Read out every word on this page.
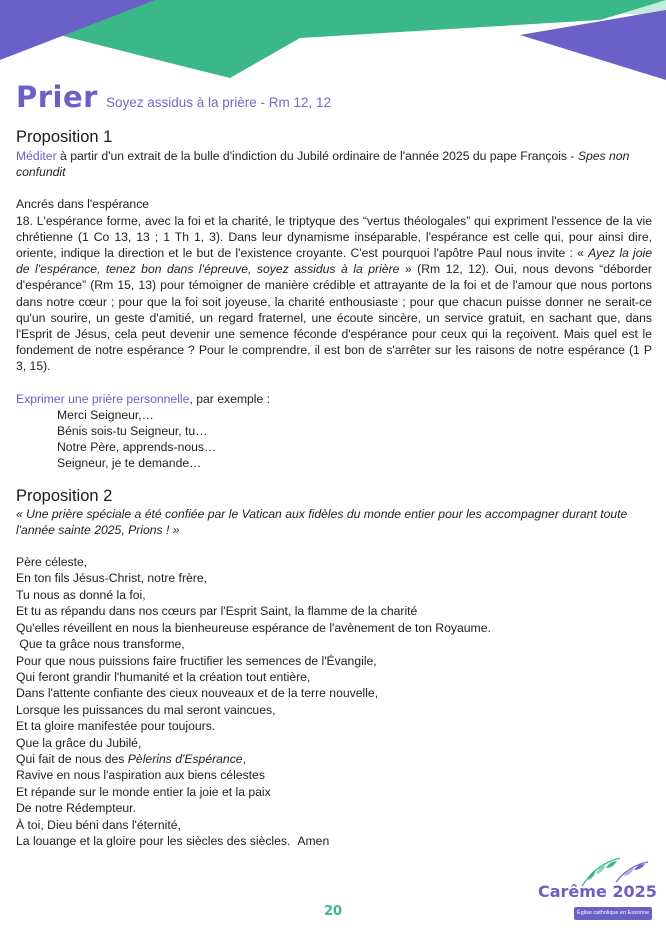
Prier Soyez assidus à la prière - Rm 12, 12
Proposition 1
Méditer à partir d'un extrait de la bulle d'indiction du Jubilé ordinaire de l'année 2025 du pape François - Spes non confundit
Ancrés dans l'espérance
18. L'espérance forme, avec la foi et la charité, le triptyque des “vertus théologales” qui expriment l'essence de la vie chrétienne (1 Co 13, 13 ; 1 Th 1, 3). Dans leur dynamisme inséparable, l'espérance est celle qui, pour ainsi dire, oriente, indique la direction et le but de l'existence croyante. C'est pourquoi l'apôtre Paul nous invite : « Ayez la joie de l'espérance, tenez bon dans l'épreuve, soyez assidus à la prière » (Rm 12, 12). Oui, nous devons “déborder d'espérance” (Rm 15, 13) pour témoigner de manière crédible et attrayante de la foi et de l'amour que nous portons dans notre cœur ; pour que la foi soit joyeuse, la charité enthousiaste ; pour que chacun puisse donner ne serait-ce qu'un sourire, un geste d'amitié, un regard fraternel, une écoute sincère, un service gratuit, en sachant que, dans l'Esprit de Jésus, cela peut devenir une semence féconde d'espérance pour ceux qui la reçoivent. Mais quel est le fondement de notre espérance ? Pour le comprendre, il est bon de s'arrêter sur les raisons de notre espérance (1 P 3, 15).
Exprimer une prière personnelle, par exemple :
Merci Seigneur,…
Bénis sois-tu Seigneur, tu…
Notre Père, apprends-nous…
Seigneur, je te demande…
Proposition 2
« Une prière spéciale a été confiée par le Vatican aux fidèles du monde entier pour les accompagner durant toute l'année sainte 2025, Prions ! »
Père céleste,
En ton fils Jésus-Christ, notre frère,
Tu nous as donné la foi,
Et tu as répandu dans nos cœurs par l'Esprit Saint, la flamme de la charité
Qu'elles réveillent en nous la bienheureuse espérance de l'avènement de ton Royaume.
Que ta grâce nous transforme,
Pour que nous puissions faire fructifier les semences de l'Évangile,
Qui feront grandir l'humanité et la création tout entière,
Dans l'attente confiante des cieux nouveaux et de la terre nouvelle,
Lorsque les puissances du mal seront vaincues,
Et ta gloire manifestée pour toujours.
Que la grâce du Jubilé,
Qui fait de nous des Pèlerins d'Espérance,
Ravive en nous l'aspiration aux biens célestes
Et répande sur le monde entier la joie et la paix
De notre Rédempteur.
À toi, Dieu béni dans l'éternité,
La louange et la gloire pour les siècles des siècles. Amen
20
Carême 2025
Église catholique en Essonne
